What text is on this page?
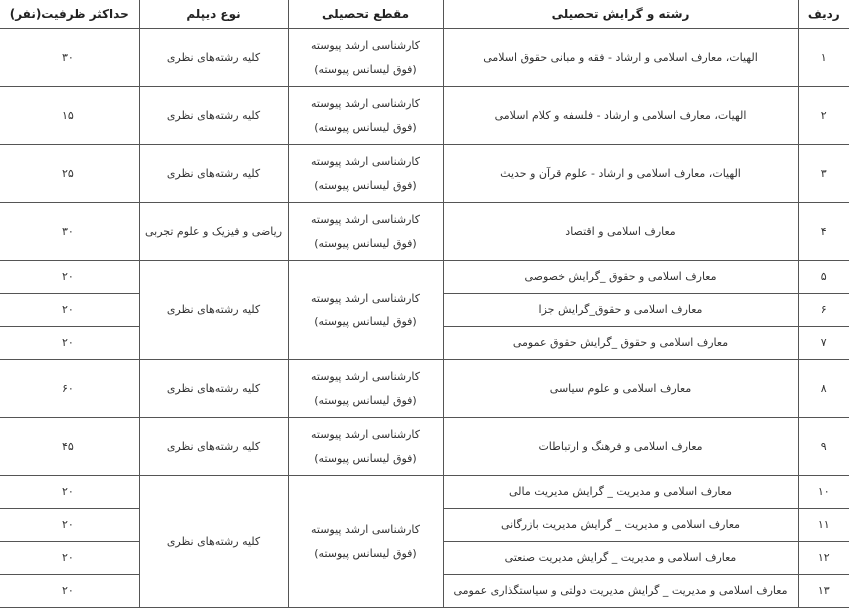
ردیف	رشته و گرایش تحصیلی	مقطع تحصیلی	نوع دیپلم	حداکثر ظرفیت(نفر)
۱	الهیات، معارف اسلامی و ارشاد - فقه و مبانی حقوق اسلامی	کارشناسی ارشد پیوسته
(فوق لیسانس پیوسته)	کلیه رشته‌های نظری	۳۰
۲	الهیات، معارف اسلامی و ارشاد - فلسفه و کلام اسلامی	کارشناسی ارشد پیوسته
(فوق لیسانس پیوسته)	کلیه رشته‌های نظری	۱۵
۳	الهیات، معارف اسلامی و ارشاد - علوم قرآن و حدیث	کارشناسی ارشد پیوسته
(فوق لیسانس پیوسته)	کلیه رشته‌های نظری	۲۵
۴	معارف اسلامی و اقتصاد	کارشناسی ارشد پیوسته
(فوق لیسانس پیوسته)	ریاضی و فیزیک و علوم تجربی	۳۰
۵	معارف اسلامی و حقوق _گرایش خصوصی	کارشناسی ارشد پیوسته
(فوق لیسانس پیوسته)	کلیه رشته‌های نظری	۲۰
۶	معارف اسلامی و حقوق_گرایش جزا			۲۰
۷	معارف اسلامی و حقوق _گرایش حقوق عمومی			۲۰
۸	معارف اسلامی و علوم سیاسی	کارشناسی ارشد پیوسته
(فوق لیسانس پیوسته)	کلیه رشته‌های نظری	۶۰
۹	معارف اسلامی و فرهنگ و ارتباطات	کارشناسی ارشد پیوسته
(فوق لیسانس پیوسته)	کلیه رشته‌های نظری	۴۵
۱۰	معارف اسلامی و مدیریت _ گرایش مدیریت مالی	کارشناسی ارشد پیوسته
(فوق لیسانس پیوسته)	کلیه رشته‌های نظری	۲۰
۱۱	معارف اسلامی و مدیریت _ گرایش مدیریت بازرگانی			۲۰
۱۲	معارف اسلامی و مدیریت _ گرایش مدیریت صنعتی			۲۰
۱۳	معارف اسلامی و مدیریت _ گرایش مدیریت دولتی و سیاستگذاری عمومی			۲۰
